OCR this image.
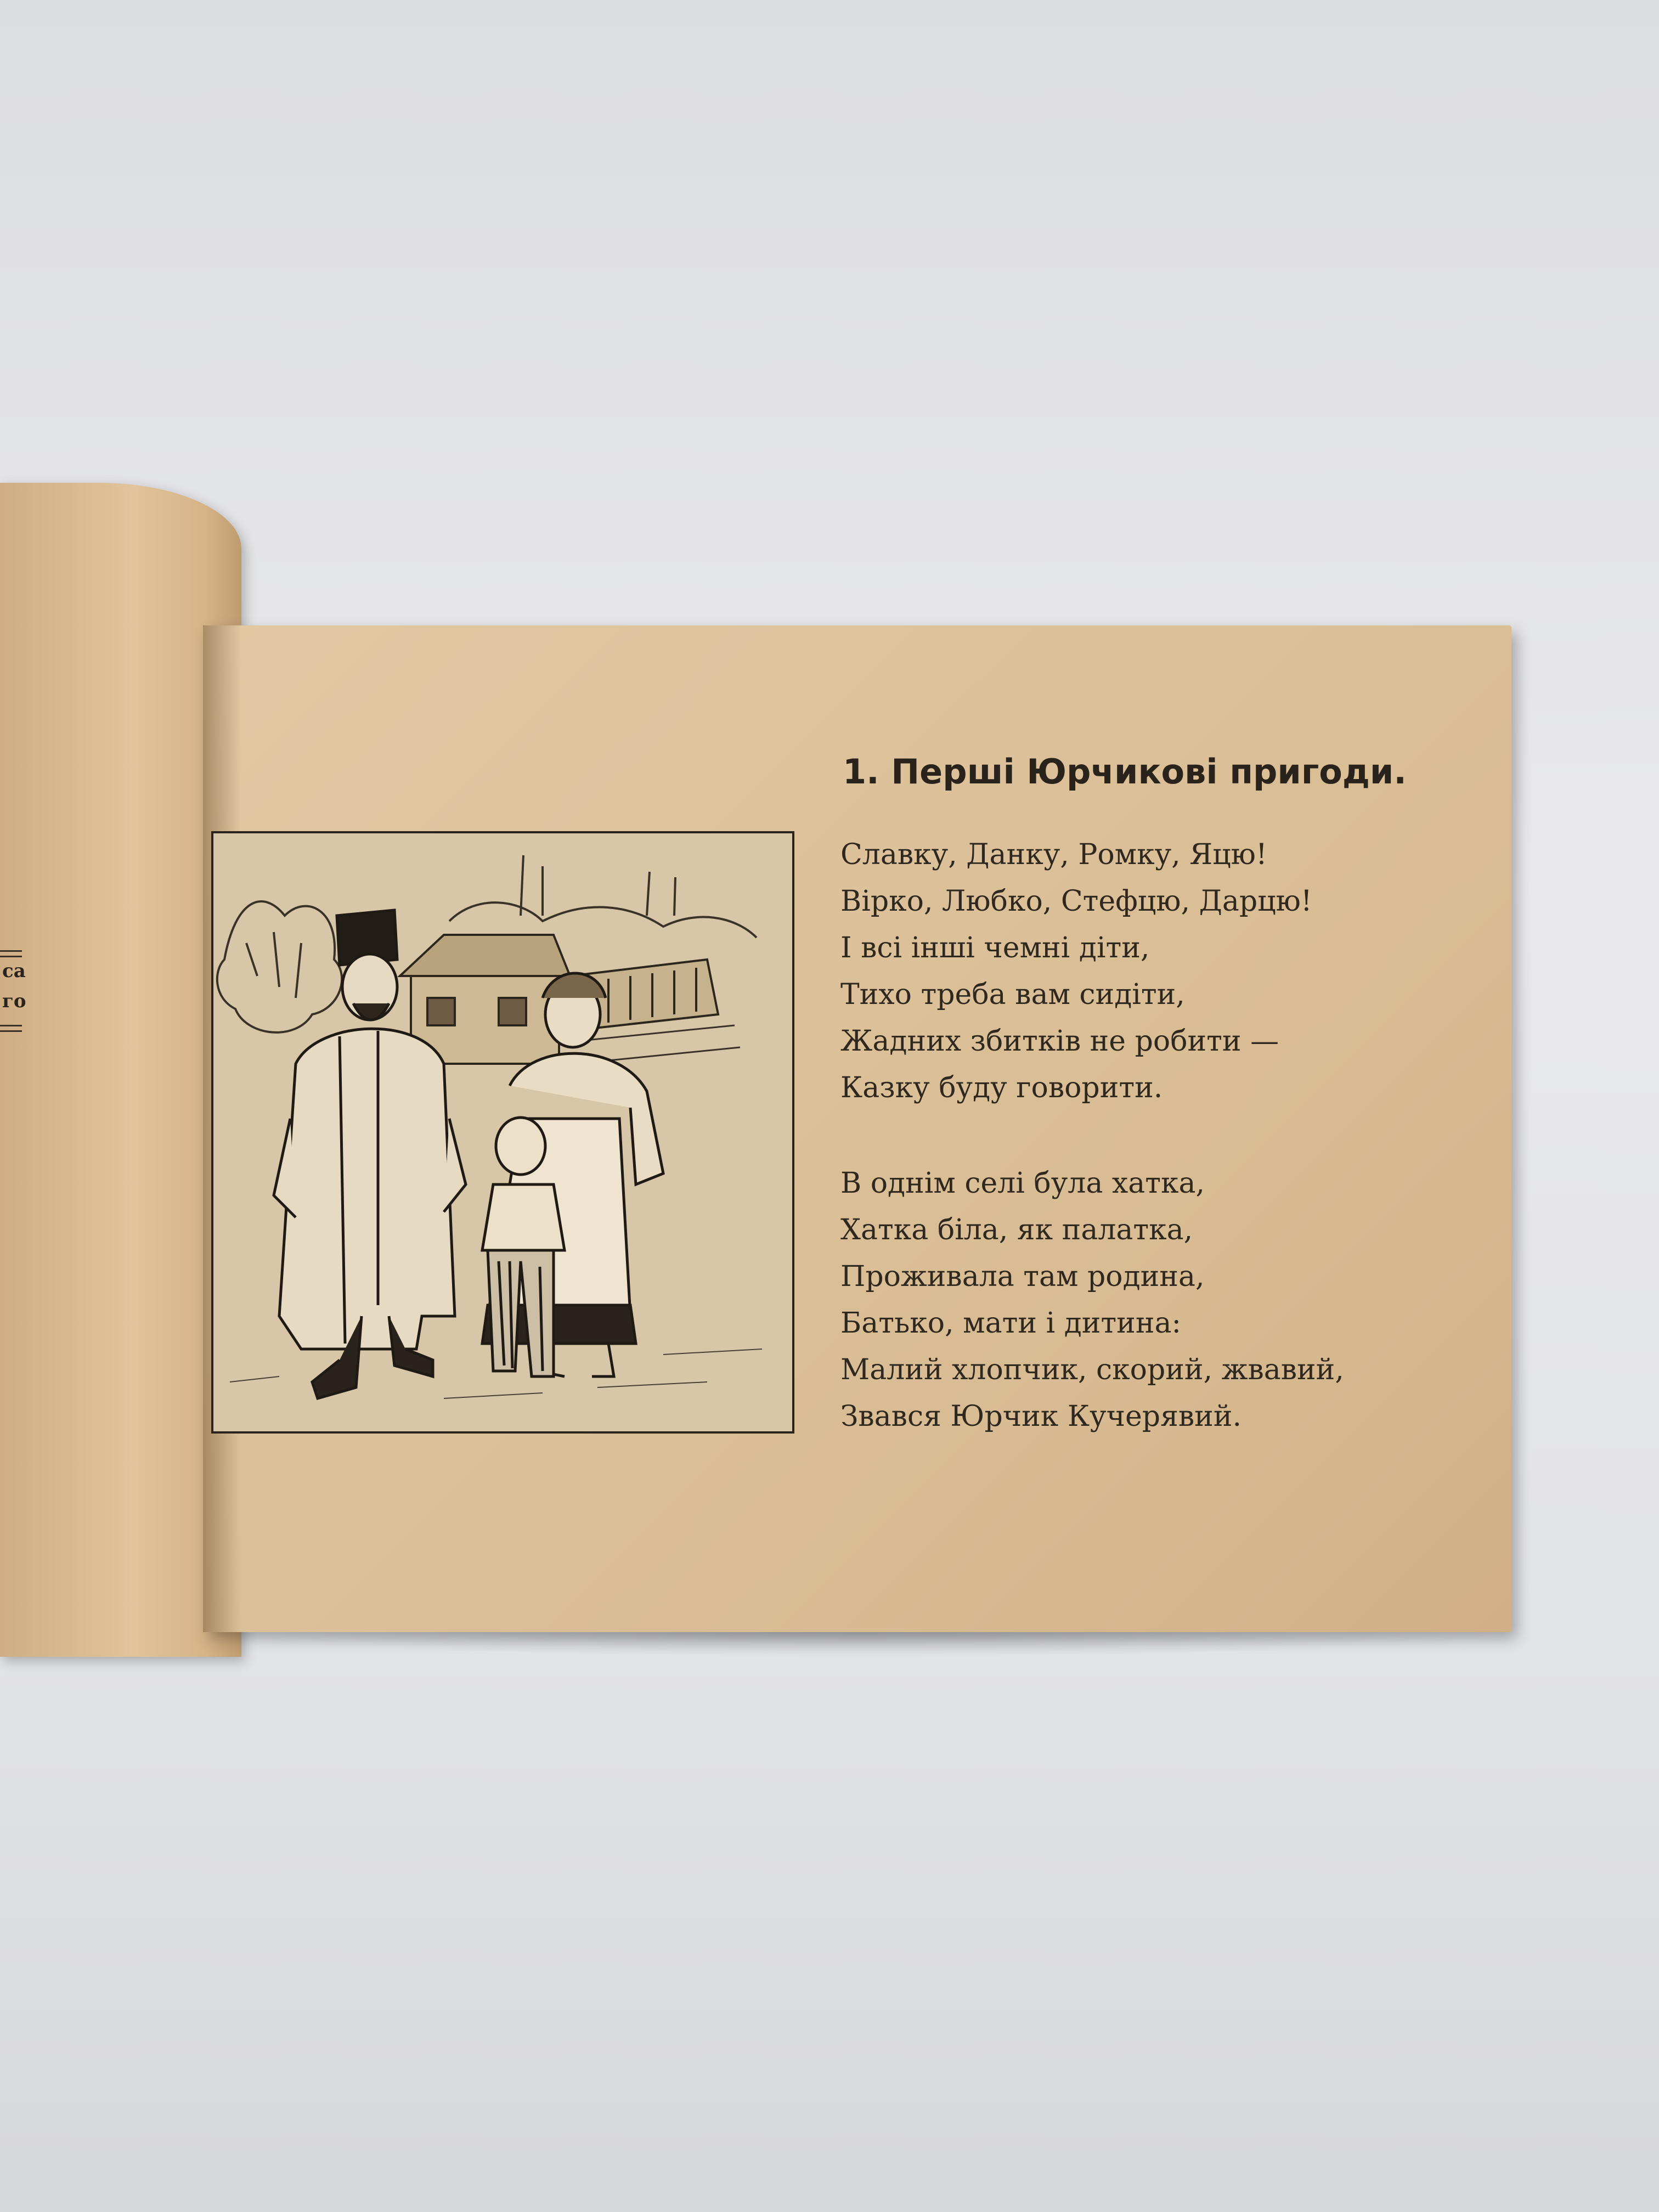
са
го
1. Перші Юрчикові пригоди.
Славку, Данку, Ромку, Яцю!
Вірко, Любко, Стефцю, Дарцю!
І всі інші чемні діти,
Тихо треба вам сидіти,
Жадних збитків не робити —
Казку буду говорити.
В однім селі була хатка,
Хатка біла, як палатка,
Проживала там родина,
Батько, мати і дитина:
Малий хлопчик, скорий, жвавий,
Звався Юрчик Кучерявий.
